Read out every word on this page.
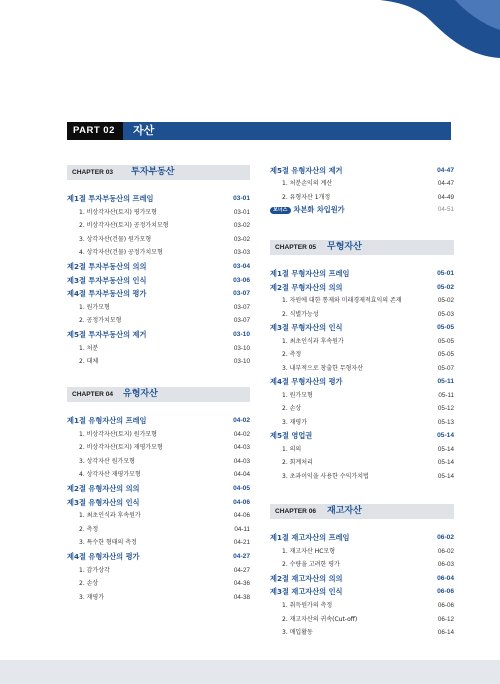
PART 02	자산
CHAPTER 03 투자부동산
제1절 투자부동산의 프레임	03-01
1. 비상각자산(토지) 평가모형	03-01
2. 비상각자산(토지) 공정가치모형	03-02
3. 상각자산(건물) 원가모형	03-02
4. 상각자산(건물) 공정가치모형	03-03
제2절 투자부동산의 의의	03-04
제3절 투자부동산의 인식	03-06
제4절 투자부동산의 평가	03-07
1. 원가모형	03-07
2. 공정가치모형	03-07
제5절 투자부동산의 제거	03-10
1. 처분	03-10
2. 대체	03-10
CHAPTER 04 유형자산
제1절 유형자산의 프레임	04-02
1. 비상각자산(토지) 원가모형	04-02
2. 비상각자산(토지) 재평가모형	04-03
3. 상각자산 원가모형	04-03
4. 상각자산 재평가모형	04-04
제2절 유형자산의 의의	04-05
제3절 유형자산의 인식	04-06
1. 최초인식과 후속원가	04-06
2. 측정	04-11
3. 특수한 형태의 측정	04-21
제4절 유형자산의 평가	04-27
1. 감가상각	04-27
2. 손상	04-36
3. 재평가	04-38
제5절 유형자산의 제거	04-47
1. 처분손익의 계산	04-47
2. 유형자산 1개정	04-49
보너스 차본화 차입원가	04-51
CHAPTER 05 무형자산
제1절 무형자산의 프레임	05-01
제2절 무형자산의 의의	05-02
1. 자원에 대한 통제와 미래경제적효익의 존재	05-02
2. 식별가능성	05-03
제3절 무형자산의 인식	05-05
1. 최초인식과 후속원가	05-05
2. 측정	05-05
3. 내부적으로 창출한 무형자산	05-07
제4절 무형자산의 평가	05-11
1. 원가모형	05-11
2. 손상	05-12
3. 재평가	05-13
제5절 영업권	05-14
1. 의의	05-14
2. 회계처리	05-14
3. 초과이익을 사용한 수익가치법	05-14
CHAPTER 06 재고자산
제1절 재고자산의 프레임	06-02
1. 재고자산 HC모형	06-02
2. 수량을 고려한 평가	06-03
제2절 재고자산의 의의	06-04
제3절 재고자산의 인식	06-06
1. 취득원가의 측정	06-06
2. 재고자산의 귀속(Cut-off)	06-12
3. 매입활동	06-14
